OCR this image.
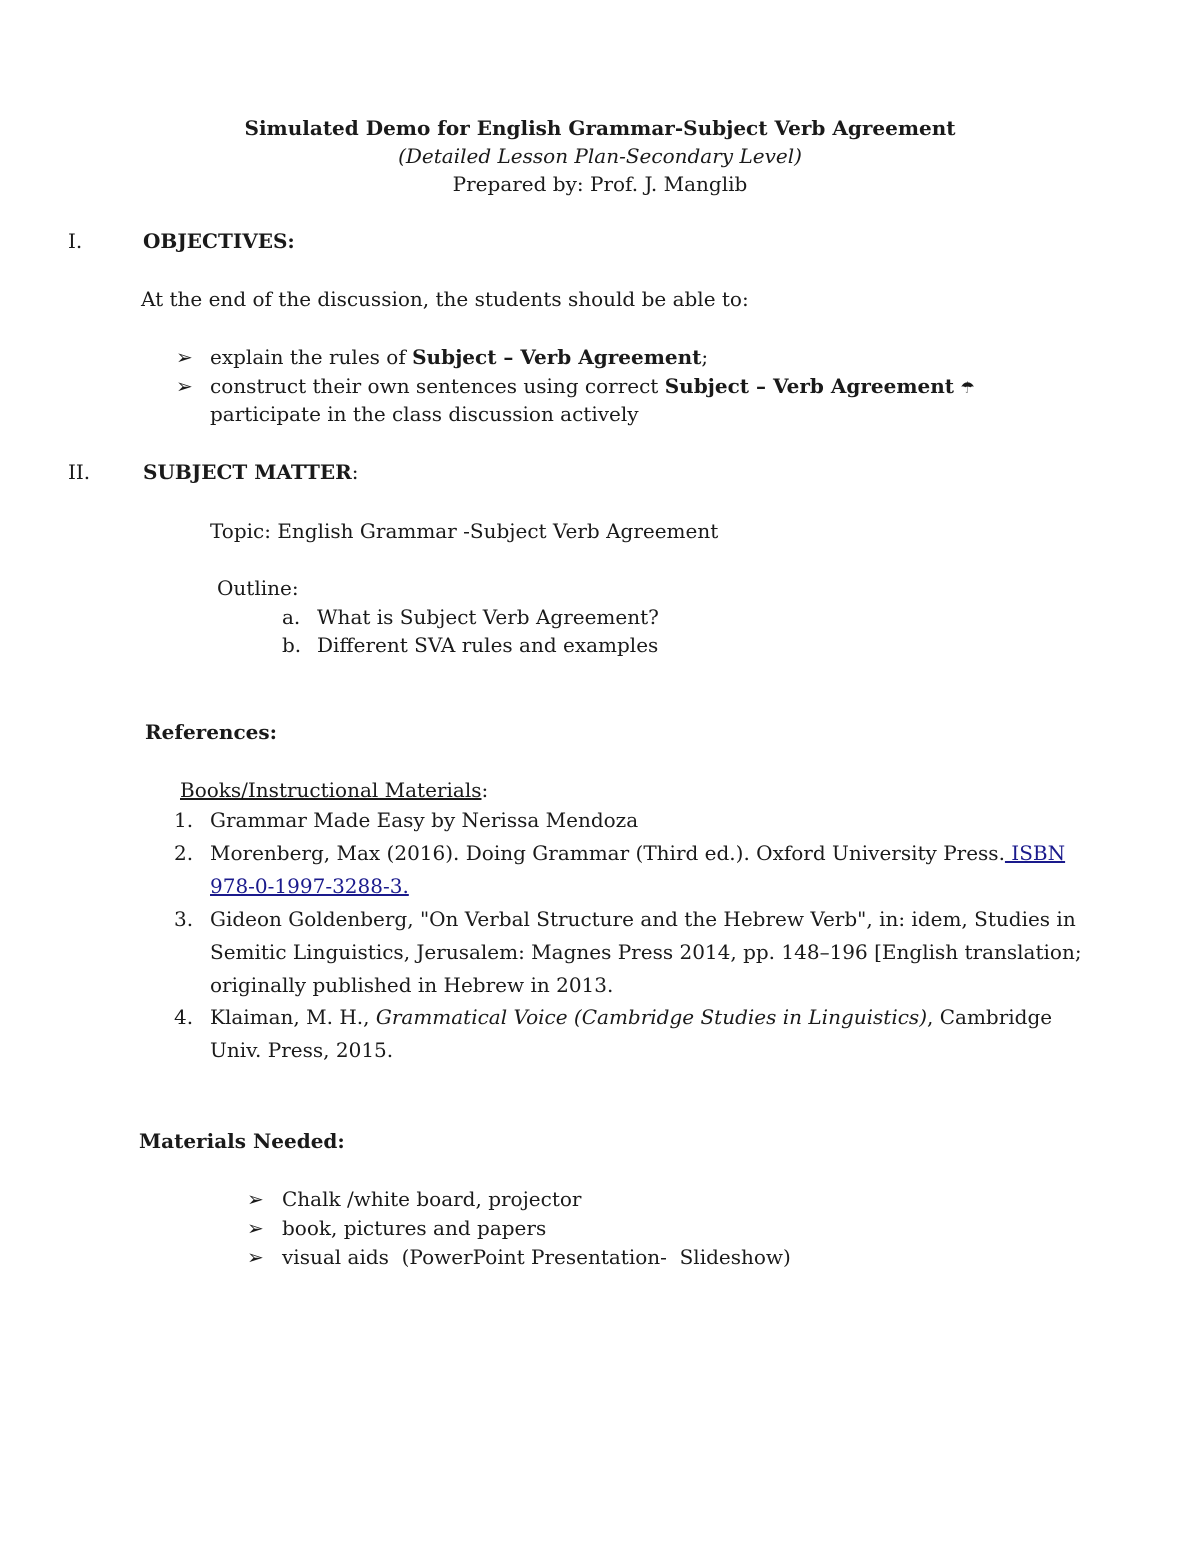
Simulated Demo for English Grammar-Subject Verb Agreement
(Detailed Lesson Plan-Secondary Level)
Prepared by: Prof. J. Manglib
I.	OBJECTIVES:
At the end of the discussion, the students should be able to:
➢ explain the rules of Subject – Verb Agreement;
➢ construct their own sentences using correct Subject – Verb Agreement ☂
participate in the class discussion actively
II.	SUBJECT MATTER:
Topic: English Grammar -Subject Verb Agreement
Outline:
a. What is Subject Verb Agreement?
b. Different SVA rules and examples
References:
Books/Instructional Materials:
1. Grammar Made Easy by Nerissa Mendoza
2. Morenberg, Max (2016). Doing Grammar (Third ed.). Oxford University Press. ISBN
978-0-1997-3288-3.
3. Gideon Goldenberg, "On Verbal Structure and the Hebrew Verb", in: idem, Studies in
Semitic Linguistics, Jerusalem: Magnes Press 2014, pp. 148–196 [English translation;
originally published in Hebrew in 2013.
4. Klaiman, M. H., Grammatical Voice (Cambridge Studies in Linguistics), Cambridge
Univ. Press, 2015.
Materials Needed:
➢ Chalk /white board, projector
➢ book, pictures and papers
➢ visual aids  (PowerPoint Presentation-  Slideshow)
